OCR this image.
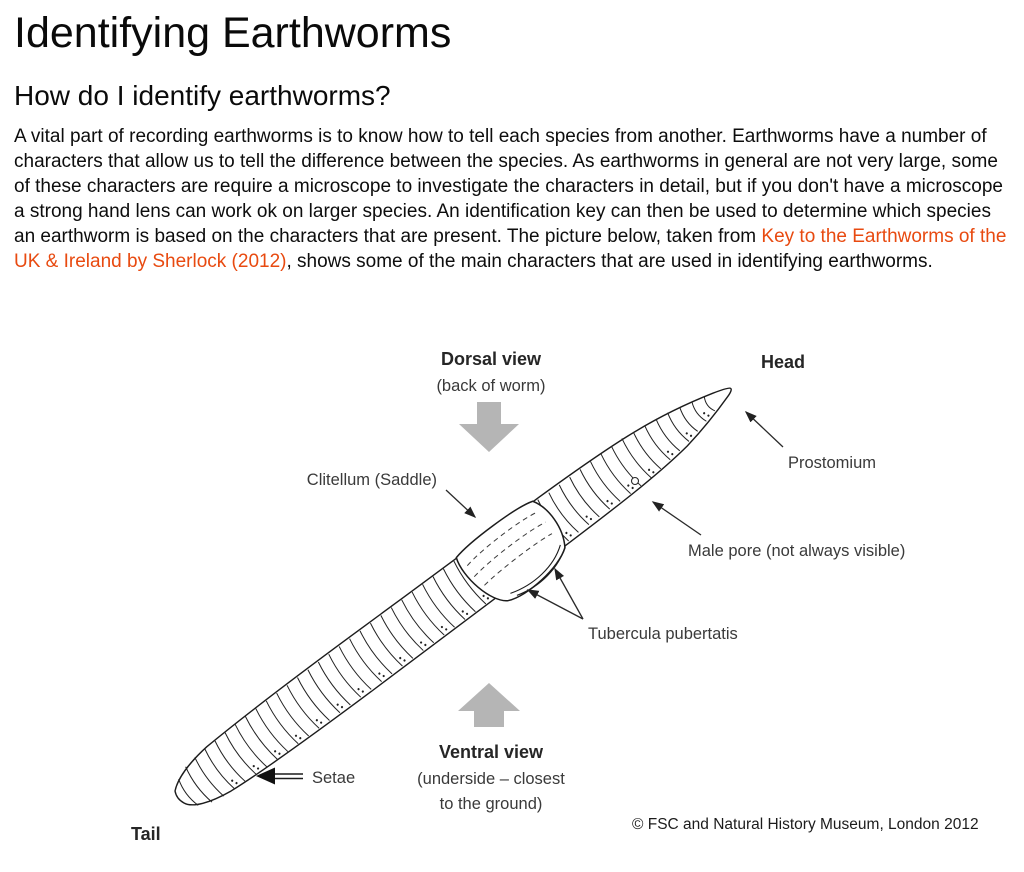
Identifying Earthworms
How do I identify earthworms?

A vital part of recording earthworms is to know how to tell each species from another. Earthworms have a number of characters that allow us to tell the difference between the species. As earthworms in general are not very large, some of these characters are require a microscope to investigate the characters in detail, but if you don't have a microscope a strong hand lens can work ok on larger species. An identification key can then be used to determine which species an earthworm is based on the characters that are present. The picture below, taken from Key to the Earthworms of the UK & Ireland by Sherlock (2012), shows some of the main characters that are used in identifying earthworms.

Dorsal view
(back of worm)
Head
Prostomium
Clitellum (Saddle)
Male pore (not always visible)
Tubercula pubertatis
Setae
Ventral view
(underside – closest
to the ground)
Tail	© FSC and Natural History Museum, London 2012
